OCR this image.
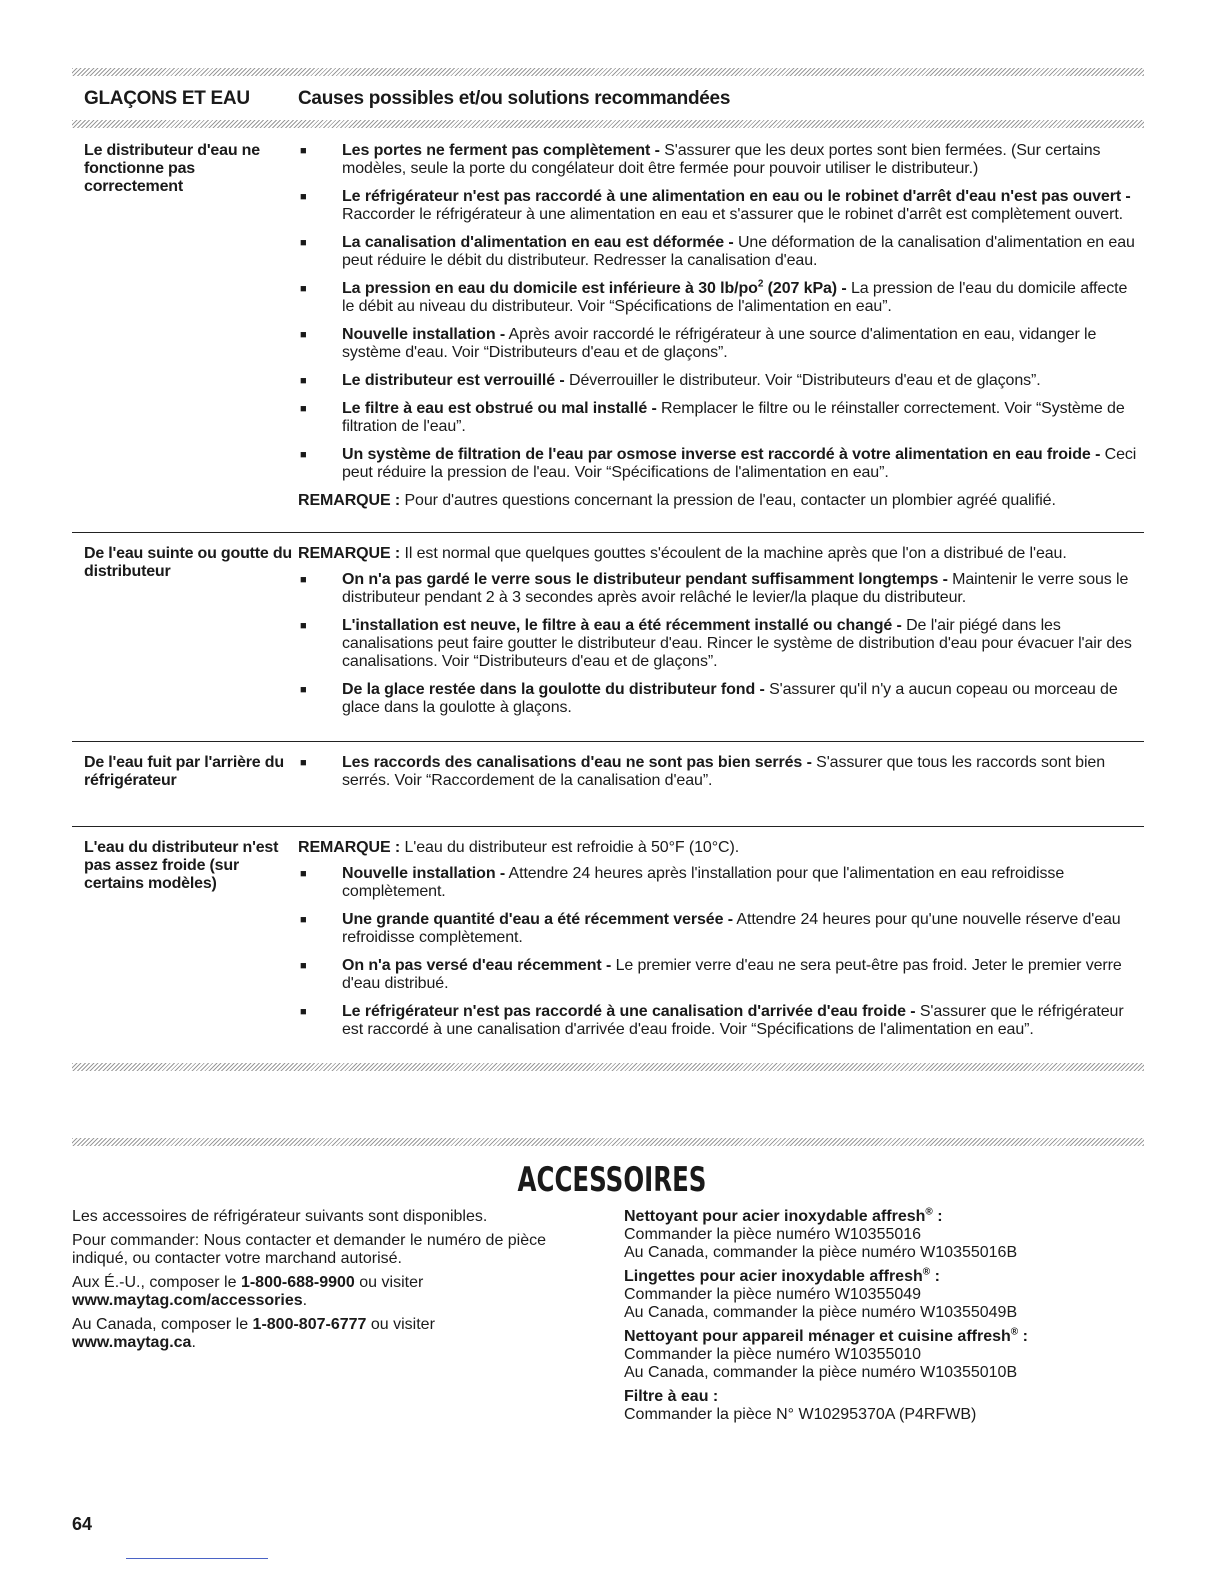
GLAÇONS ET EAU	Causes possibles et/ou solutions recommandées
Le distributeur d'eau ne fonctionne pas correctement
■	Les portes ne ferment pas complètement - S'assurer que les deux portes sont bien fermées. (Sur certains modèles, seule la porte du congélateur doit être fermée pour pouvoir utiliser le distributeur.)
■	Le réfrigérateur n'est pas raccordé à une alimentation en eau ou le robinet d'arrêt d'eau n'est pas ouvert - Raccorder le réfrigérateur à une alimentation en eau et s'assurer que le robinet d'arrêt est complètement ouvert.
■	La canalisation d'alimentation en eau est déformée - Une déformation de la canalisation d'alimentation en eau peut réduire le débit du distributeur. Redresser la canalisation d'eau.
■	La pression en eau du domicile est inférieure à 30 $lb/po^2$ (207 kPa) - La pression de l'eau du domicile affecte le débit au niveau du distributeur. Voir “Spécifications de l'alimentation en eau”.
■	Nouvelle installation - Après avoir raccordé le réfrigérateur à une source d'alimentation en eau, vidanger le système d'eau. Voir “Distributeurs d'eau et de glaçons”.
■	Le distributeur est verrouillé - Déverrouiller le distributeur. Voir “Distributeurs d'eau et de glaçons”.
■	Le filtre à eau est obstrué ou mal installé - Remplacer le filtre ou le réinstaller correctement. Voir “Système de filtration de l'eau”.
■	Un système de filtration de l'eau par osmose inverse est raccordé à votre alimentation en eau froide - Ceci peut réduire la pression de l'eau. Voir “Spécifications de l'alimentation en eau”.
REMARQUE : Pour d'autres questions concernant la pression de l'eau, contacter un plombier agréé qualifié.
De l'eau suinte ou goutte du distributeur
REMARQUE : Il est normal que quelques gouttes s'écoulent de la machine après que l'on a distribué de l'eau.
■	On n'a pas gardé le verre sous le distributeur pendant suffisamment longtemps - Maintenir le verre sous le distributeur pendant 2 à 3 secondes après avoir relâché le levier/la plaque du distributeur.
■	L'installation est neuve, le filtre à eau a été récemment installé ou changé - De l'air piégé dans les canalisations peut faire goutter le distributeur d'eau. Rincer le système de distribution d'eau pour évacuer l'air des canalisations. Voir “Distributeurs d'eau et de glaçons”.
■	De la glace restée dans la goulotte du distributeur fond - S'assurer qu'il n'y a aucun copeau ou morceau de glace dans la goulotte à glaçons.
De l'eau fuit par l'arrière du réfrigérateur
■	Les raccords des canalisations d'eau ne sont pas bien serrés - S'assurer que tous les raccords sont bien serrés. Voir “Raccordement de la canalisation d'eau”.
L'eau du distributeur n'est pas assez froide (sur certains modèles)
REMARQUE : L'eau du distributeur est refroidie à 50°F (10°C).
■	Nouvelle installation - Attendre 24 heures après l'installation pour que l'alimentation en eau refroidisse complètement.
■	Une grande quantité d'eau a été récemment versée - Attendre 24 heures pour qu'une nouvelle réserve d'eau refroidisse complètement.
■	On n'a pas versé d'eau récemment - Le premier verre d'eau ne sera peut-être pas froid. Jeter le premier verre d'eau distribué.
■	Le réfrigérateur n'est pas raccordé à une canalisation d'arrivée d'eau froide - S'assurer que le réfrigérateur est raccordé à une canalisation d'arrivée d'eau froide. Voir “Spécifications de l'alimentation en eau”.
ACCESSOIRES

Les accessoires de réfrigérateur suivants sont disponibles.

Pour commander: Nous contacter et demander le numéro de pièce indiqué, ou contacter votre marchand autorisé.

Aux É.-U., composer le 1-800-688-9900 ou visiter
www.maytag.com/accessories.

Au Canada, composer le 1-800-807-6777 ou visiter
www.maytag.ca.

Nettoyant pour acier inoxydable affresh® :
Commander la pièce numéro W10355016
Au Canada, commander la pièce numéro W10355016B
Lingettes pour acier inoxydable affresh® :
Commander la pièce numéro W10355049
Au Canada, commander la pièce numéro W10355049B
Nettoyant pour appareil ménager et cuisine affresh® :
Commander la pièce numéro W10355010
Au Canada, commander la pièce numéro W10355010B
Filtre à eau :
Commander la pièce N° W10295370A (P4RFWB)
64
